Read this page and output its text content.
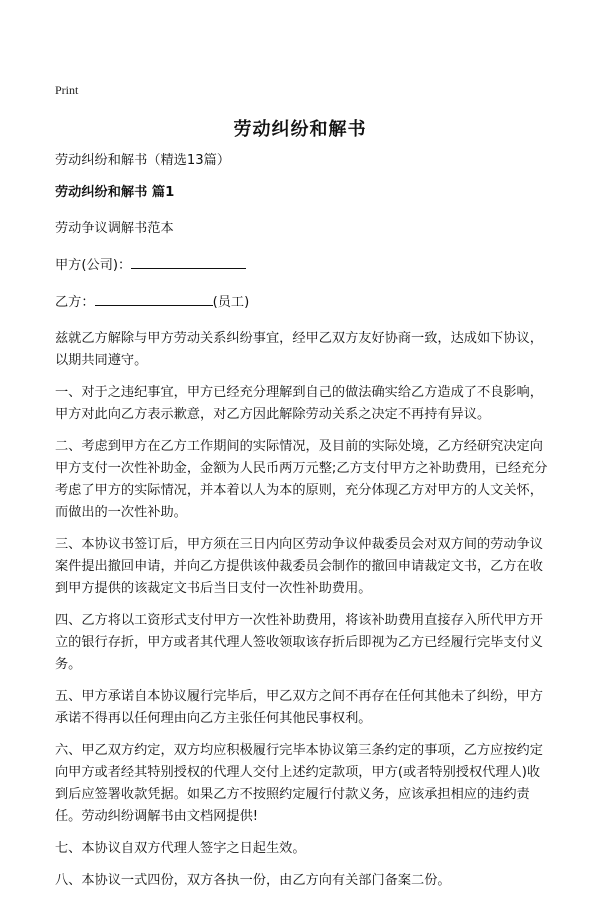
Print
劳动纠纷和解书

劳动纠纷和解书（精选13篇）

劳动纠纷和解书 篇1

劳动争议调解书范本

甲方(公司)：

乙方：	(员工)

兹就乙方解除与甲方劳动关系纠纷事宜，经甲乙双方友好协商一致，达成如下协议，以期共同遵守。

一、对于之违纪事宜，甲方已经充分理解到自己的做法确实给乙方造成了不良影响，甲方对此向乙方表示歉意，对乙方因此解除劳动关系之决定不再持有异议。

二、考虑到甲方在乙方工作期间的实际情况，及目前的实际处境，乙方经研究决定向甲方支付一次性补助金，金额为人民币两万元整;乙方支付甲方之补助费用，已经充分考虑了甲方的实际情况，并本着以人为本的原则，充分体现乙方对甲方的人文关怀，而做出的一次性补助。

三、本协议书签订后，甲方须在三日内向区劳动争议仲裁委员会对双方间的劳动争议案件提出撤回申请，并向乙方提供该仲裁委员会制作的撤回申请裁定文书，乙方在收到甲方提供的该裁定文书后当日支付一次性补助费用。

四、乙方将以工资形式支付甲方一次性补助费用，将该补助费用直接存入所代甲方开立的银行存折，甲方或者其代理人签收领取该存折后即视为乙方已经履行完毕支付义务。

五、甲方承诺自本协议履行完毕后，甲乙双方之间不再存在任何其他未了纠纷，甲方承诺不得再以任何理由向乙方主张任何其他民事权利。

六、甲乙双方约定，双方均应积极履行完毕本协议第三条约定的事项，乙方应按约定向甲方或者经其特别授权的代理人交付上述约定款项，甲方(或者特别授权代理人)收到后应签署收款凭据。如果乙方不按照约定履行付款义务，应该承担相应的违约责任。劳动纠纷调解书由文档网提供!

七、本协议自双方代理人签字之日起生效。

八、本协议一式四份，双方各执一份，由乙方向有关部门备案二份。
